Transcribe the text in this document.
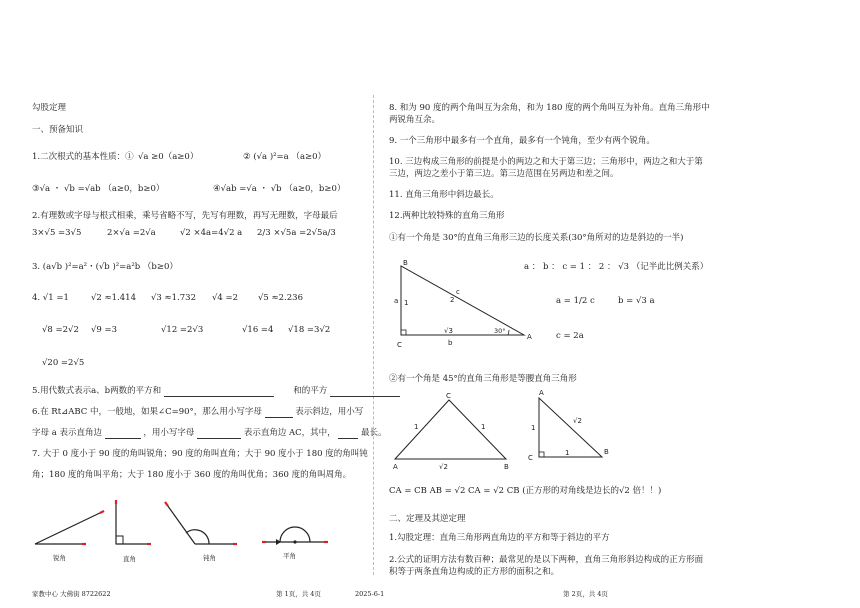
勾股定理
一、预备知识
1.二次根式的基本性质：① √a ≥0（a≥0）	② (√a )²=a （a≥0）
③√a ・ √b =√ab （a≥0，b≥0）	④√ab =√a ・ √b （a≥0，b≥0）
2.有理数或字母与根式相乘，乘号省略不写，先写有理数，再写无理数，字母最后
3×√5 =3√5	2×√a =2√a	√2 ×4a=4√2 a 2/3 ×√5a =2√5a/3
3. (a√b )²=a²・(√b )²=a²b （b≥0）
4. √1 =1	√2 ≈1.414 √3 ≈1.732 √4 =2 √5 ≈2.236
√8 =2√2 √9 =3	√12 =2√3	√16 =4 √18 =3√2
√20 =2√5
5.用代数式表示a、b两数的平方和	和的平方
6.在 Rt⊿ABC 中，一般地，如果∠C=90°，那么用小写字母	表示斜边，用小写
字母 a 表示直角边	，用小写字母	表示直角边 AC，其中，	最长。
7. 大于 0 度小于 90 度的角叫锐角；90 度的角叫直角；大于 90 度小于 180 度的角叫钝
角；180 度的角叫平角；大于 180 度小于 360 度的角叫优角；360 度的角叫周角。
锐角	直角	钝角	平角
家教中心 大佛街 8722622	第 1页，共 4页	2025-6-1
8. 和为 90 度的两个角叫互为余角，和为 180 度的两个角叫互为补角。直角三角形中
两锐角互余。
9. 一个三角形中最多有一个直角，最多有一个钝角，至少有两个锐角。
10. 三边构成三角形的前提是小的两边之和大于第三边；三角形中，两边之和大于第
三边，两边之差小于第三边。第三边范围在另两边和差之间。
11. 直角三角形中斜边最长。
12.两种比较特殊的直角三角形
①有一个角是 30°的直角三角形三边的长度关系(30°角所对的边是斜边的一半)
B
A
C
a 1
b
√3
c
2
30°
C
A	B
1	1
√2
A
C
B
1
√2
1
a ： b ： c = 1 ： 2 ： √3 （记半此比例关系）
a = 1/2 c	b = √3 a
c = 2a
②有一个角是 45°的直角三角形是等腰直角三角形
CA = CB AB = √2 CA = √2 CB (正方形的对角线是边长的√2 倍！！)
二、定理及其逆定理
1.勾股定理：直角三角形两直角边的平方和等于斜边的平方
2.公式的证明方法有数百种；最常见的是以下两种，直角三角形斜边构成的正方形面
积等于两条直角边构成的正方形的面积之和。
第 2页，共 4页
